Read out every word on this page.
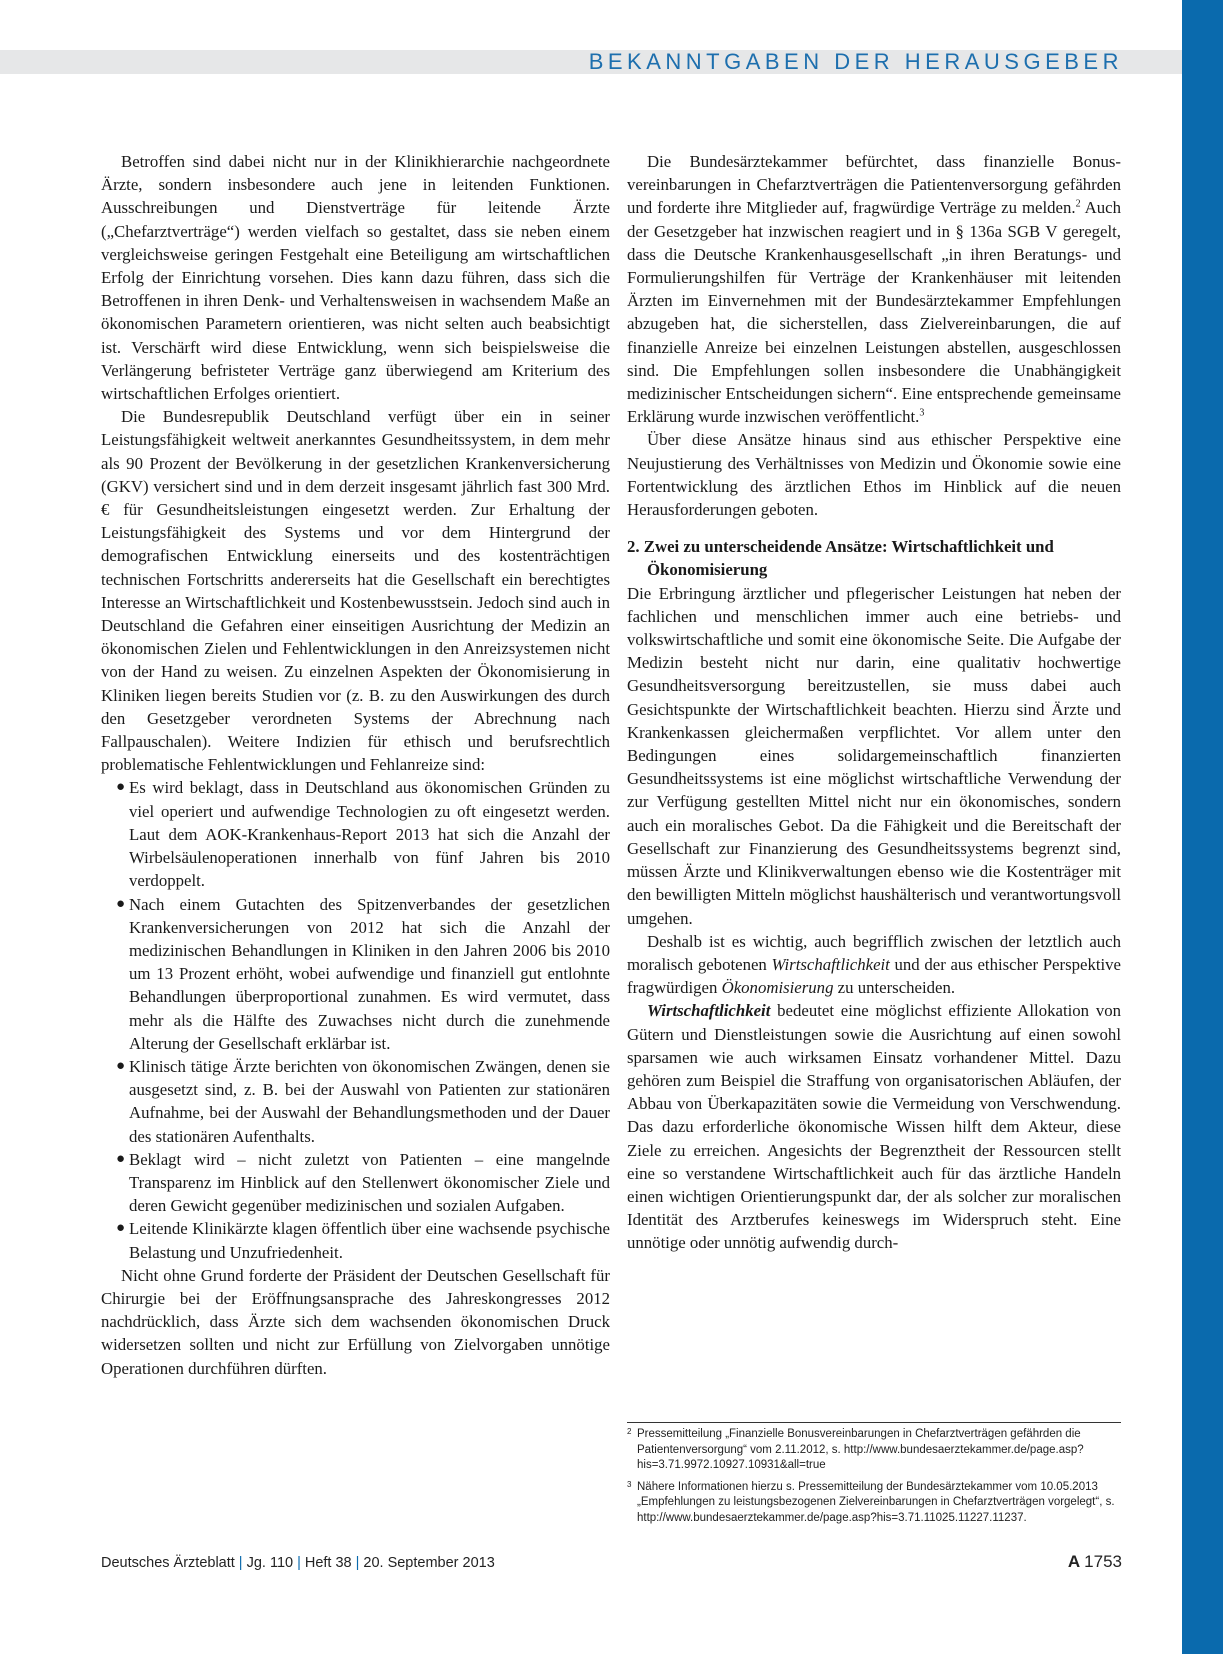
BEKANNTGABEN DER HERAUSGEBER

Betroffen sind dabei nicht nur in der Klinikhierarchie nachgeordnete Ärzte, sondern insbesondere auch jene in leitenden Funktionen. Ausschreibungen und Dienstverträge für leitende Ärzte („Chefarztverträge“) werden vielfach so gestaltet, dass sie neben einem vergleichsweise geringen Festgehalt eine Beteiligung am wirtschaftlichen Erfolg der Einrichtung vorsehen. Dies kann dazu führen, dass sich die Betroffenen in ihren Denk- und Verhaltensweisen in wachsendem Maße an ökonomischen Parametern orientieren, was nicht selten auch beabsichtigt ist. Verschärft wird diese Entwicklung, wenn sich beispielsweise die Verlängerung befristeter Verträge ganz überwiegend am Kriterium des wirtschaftlichen Erfolges orientiert.

Die Bundesrepublik Deutschland verfügt über ein in seiner Leistungsfähigkeit weltweit anerkanntes Gesundheitssystem, in dem mehr als 90 Prozent der Bevölkerung in der gesetzlichen Krankenversicherung (GKV) versichert sind und in dem derzeit insgesamt jährlich fast 300 Mrd. € für Gesundheitsleistungen eingesetzt werden. Zur Erhaltung der Leistungsfähigkeit des Systems und vor dem Hintergrund der demografischen Entwicklung einerseits und des kostenträchtigen technischen Fortschritts andererseits hat die Gesellschaft ein berechtigtes Interesse an Wirtschaftlichkeit und Kostenbewusstsein. Jedoch sind auch in Deutschland die Gefahren einer einseitigen Ausrichtung der Medizin an ökonomischen Zielen und Fehlentwicklungen in den Anreizsystemen nicht von der Hand zu weisen. Zu einzelnen Aspekten der Ökonomisierung in Kliniken liegen bereits Studien vor (z. B. zu den Auswirkungen des durch den Gesetzgeber verordneten Systems der Abrechnung nach Fallpauschalen). Weitere Indizien für ethisch und berufsrechtlich problematische Fehlentwicklungen und Fehlanreize sind:

● Es wird beklagt, dass in Deutschland aus ökonomischen Gründen zu viel operiert und aufwendige Technologien zu oft eingesetzt werden. Laut dem AOK-Krankenhaus-Report 2013 hat sich die Anzahl der Wirbelsäulenoperationen innerhalb von fünf Jahren bis 2010 verdoppelt.
● Nach einem Gutachten des Spitzenverbandes der gesetzlichen Krankenversicherungen von 2012 hat sich die Anzahl der medizinischen Behandlungen in Kliniken in den Jahren 2006 bis 2010 um 13 Prozent erhöht, wobei aufwendige und finanziell gut entlohnte Behandlungen überproportional zunahmen. Es wird vermutet, dass mehr als die Hälfte des Zuwachses nicht durch die zunehmende Alterung der Gesellschaft erklärbar ist.
● Klinisch tätige Ärzte berichten von ökonomischen Zwängen, denen sie ausgesetzt sind, z. B. bei der Auswahl von Patienten zur stationären Aufnahme, bei der Auswahl der Behandlungsmethoden und der Dauer des stationären Aufenthalts.
● Beklagt wird – nicht zuletzt von Patienten – eine mangelnde Transparenz im Hinblick auf den Stellenwert ökonomischer Ziele und deren Gewicht gegenüber medizinischen und sozialen Aufgaben.
● Leitende Klinikärzte klagen öffentlich über eine wachsende psychische Belastung und Unzufriedenheit.

Nicht ohne Grund forderte der Präsident der Deutschen Gesellschaft für Chirurgie bei der Eröffnungsansprache des Jahreskongresses 2012 nachdrücklich, dass Ärzte sich dem wachsenden ökonomischen Druck widersetzen sollten und nicht zur Erfüllung von Zielvorgaben unnötige Operationen durchführen dürften.

Die Bundesärztekammer befürchtet, dass finanzielle Bonusvereinbarungen in Chefarztverträgen die Patientenversorgung gefährden und forderte ihre Mitglieder auf, fragwürdige Verträge zu melden.$^2$ Auch der Gesetzgeber hat inzwischen reagiert und in § 136a SGB V geregelt, dass die Deutsche Krankenhausgesellschaft „in ihren Beratungs- und Formulierungshilfen für Verträge der Krankenhäuser mit leitenden Ärzten im Einvernehmen mit der Bundesärztekammer Empfehlungen abzugeben hat, die sicherstellen, dass Zielvereinbarungen, die auf finanzielle Anreize bei einzelnen Leistungen abstellen, ausgeschlossen sind. Die Empfehlungen sollen insbesondere die Unabhängigkeit medizinischer Entscheidungen sichern“. Eine entsprechende gemeinsame Erklärung wurde inzwischen veröffentlicht.$^3$

Über diese Ansätze hinaus sind aus ethischer Perspektive eine Neujustierung des Verhältnisses von Medizin und Ökonomie sowie eine Fortentwicklung des ärztlichen Ethos im Hinblick auf die neuen Herausforderungen geboten.

2. Zwei zu unterscheidende Ansätze: Wirtschaftlichkeit und Ökonomisierung

Die Erbringung ärztlicher und pflegerischer Leistungen hat neben der fachlichen und menschlichen immer auch eine betriebs- und volkswirtschaftliche und somit eine ökonomische Seite. Die Aufgabe der Medizin besteht nicht nur darin, eine qualitativ hochwertige Gesundheitsversorgung bereitzustellen, sie muss dabei auch Gesichtspunkte der Wirtschaftlichkeit beachten. Hierzu sind Ärzte und Krankenkassen gleichermaßen verpflichtet. Vor allem unter den Bedingungen eines solidargemeinschaftlich finanzierten Gesundheitssystems ist eine möglichst wirtschaftliche Verwendung der zur Verfügung gestellten Mittel nicht nur ein ökonomisches, sondern auch ein moralisches Gebot. Da die Fähigkeit und die Bereitschaft der Gesellschaft zur Finanzierung des Gesundheitssystems begrenzt sind, müssen Ärzte und Klinikverwaltungen ebenso wie die Kostenträger mit den bewilligten Mitteln möglichst haushälterisch und verantwortungsvoll umgehen.

Deshalb ist es wichtig, auch begrifflich zwischen der letztlich auch moralisch gebotenen Wirtschaftlichkeit und der aus ethischer Perspektive fragwürdigen Ökonomisierung zu unterscheiden.

Wirtschaftlichkeit bedeutet eine möglichst effiziente Allokation von Gütern und Dienstleistungen sowie die Ausrichtung auf einen sowohl sparsamen wie auch wirksamen Einsatz vorhandener Mittel. Dazu gehören zum Beispiel die Straffung von organisatorischen Abläufen, der Abbau von Überkapazitäten sowie die Vermeidung von Verschwendung. Das dazu erforderliche ökonomische Wissen hilft dem Akteur, diese Ziele zu erreichen. Angesichts der Begrenztheit der Ressourcen stellt eine so verstandene Wirtschaftlichkeit auch für das ärztliche Handeln einen wichtigen Orientierungspunkt dar, der als solcher zur moralischen Identität des Arztberufes keineswegs im Widerspruch steht. Eine unnötige oder unnötig aufwendig durch-

2 Pressemitteilung „Finanzielle Bonusvereinbarungen in Chefarztverträgen gefährden die Patientenversorgung“ vom 2.11.2012, s. http://www.bundesaerztekammer.de/page.asp?his=3.71.9972.10927.10931&all=true
3 Nähere Informationen hierzu s. Pressemitteilung der Bundesärztekammer vom 10.05.2013 „Empfehlungen zu leistungsbezogenen Zielvereinbarungen in Chefarztverträgen vorgelegt“, s. http://www.bundesaerztekammer.de/page.asp?his=3.71.11025.11227.11237.
Deutsches Ärzteblatt | Jg. 110 | Heft 38 | 20. September 2013	A 1753
